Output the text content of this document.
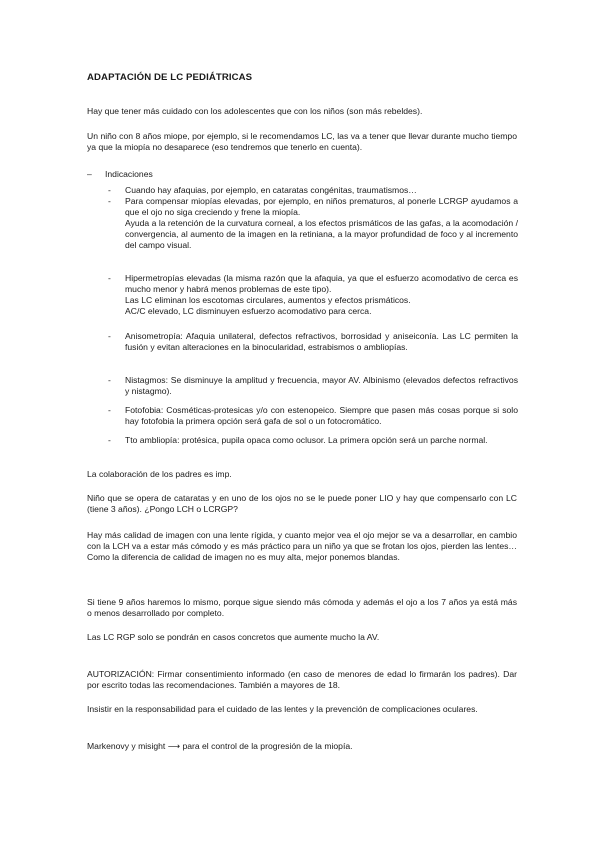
ADAPTACIÓN DE LC PEDIÁTRICAS

Hay que tener más cuidado con los adolescentes que con los niños (son más rebeldes).

Un niño con 8 años miope, por ejemplo, si le recomendamos LC, las va a tener que llevar durante mucho tiempo ya que la miopía no desaparece (eso tendremos que tenerlo en cuenta).

– Indicaciones
- Cuando hay afaquias, por ejemplo, en cataratas congénitas, traumatismos…

- Para compensar miopías elevadas, por ejemplo, en niños prematuros, al ponerle LCRGP ayudamos a que el ojo no siga creciendo y frene la miopía.

Ayuda a la retención de la curvatura corneal, a los efectos prismáticos de las gafas, a la acomodación / convergencia, al aumento de la imagen en la retiniana, a la mayor profundidad de foco y al incremento del campo visual.

- Hipermetropías elevadas (la misma razón que la afaquia, ya que el esfuerzo acomodativo de cerca es mucho menor y habrá menos problemas de este tipo).

Las LC eliminan los escotomas circulares, aumentos y efectos prismáticos.

AC/C elevado, LC disminuyen esfuerzo acomodativo para cerca.

- Anisometropía: Afaquia unilateral, defectos refractivos, borrosidad y aniseiconía. Las LC permiten la fusión y evitan alteraciones en la binocularidad, estrabismos o ambliopías.

- Nistagmos: Se disminuye la amplitud y frecuencia, mayor AV. Albinismo (elevados defectos refractivos y nistagmo).

- Fotofobia: Cosméticas-protesicas y/o con estenopeico. Siempre que pasen más cosas porque si solo hay fotofobia la primera opción será gafa de sol o un fotocromático.

- Tto ambliopía: protésica, pupila opaca como oclusor. La primera opción será un parche normal.

La colaboración de los padres es imp.

Niño que se opera de cataratas y en uno de los ojos no se le puede poner LIO y hay que compensarlo con LC (tiene 3 años). ¿Pongo LCH o LCRGP?

Hay más calidad de imagen con una lente rígida, y cuanto mejor vea el ojo mejor se va a desarrollar, en cambio con la LCH va a estar más cómodo y es más práctico para un niño ya que se frotan los ojos, pierden las lentes… Como la diferencia de calidad de imagen no es muy alta, mejor ponemos blandas.

Si tiene 9 años haremos lo mismo, porque sigue siendo más cómoda y además el ojo a los 7 años ya está más o menos desarrollado por completo.

Las LC RGP solo se pondrán en casos concretos que aumente mucho la AV.

AUTORIZACIÓN: Firmar consentimiento informado (en caso de menores de edad lo firmarán los padres). Dar por escrito todas las recomendaciones. También a mayores de 18.

Insistir en la responsabilidad para el cuidado de las lentes y la prevención de complicaciones oculares.

Markenovy y misight ⟶ para el control de la progresión de la miopía.
